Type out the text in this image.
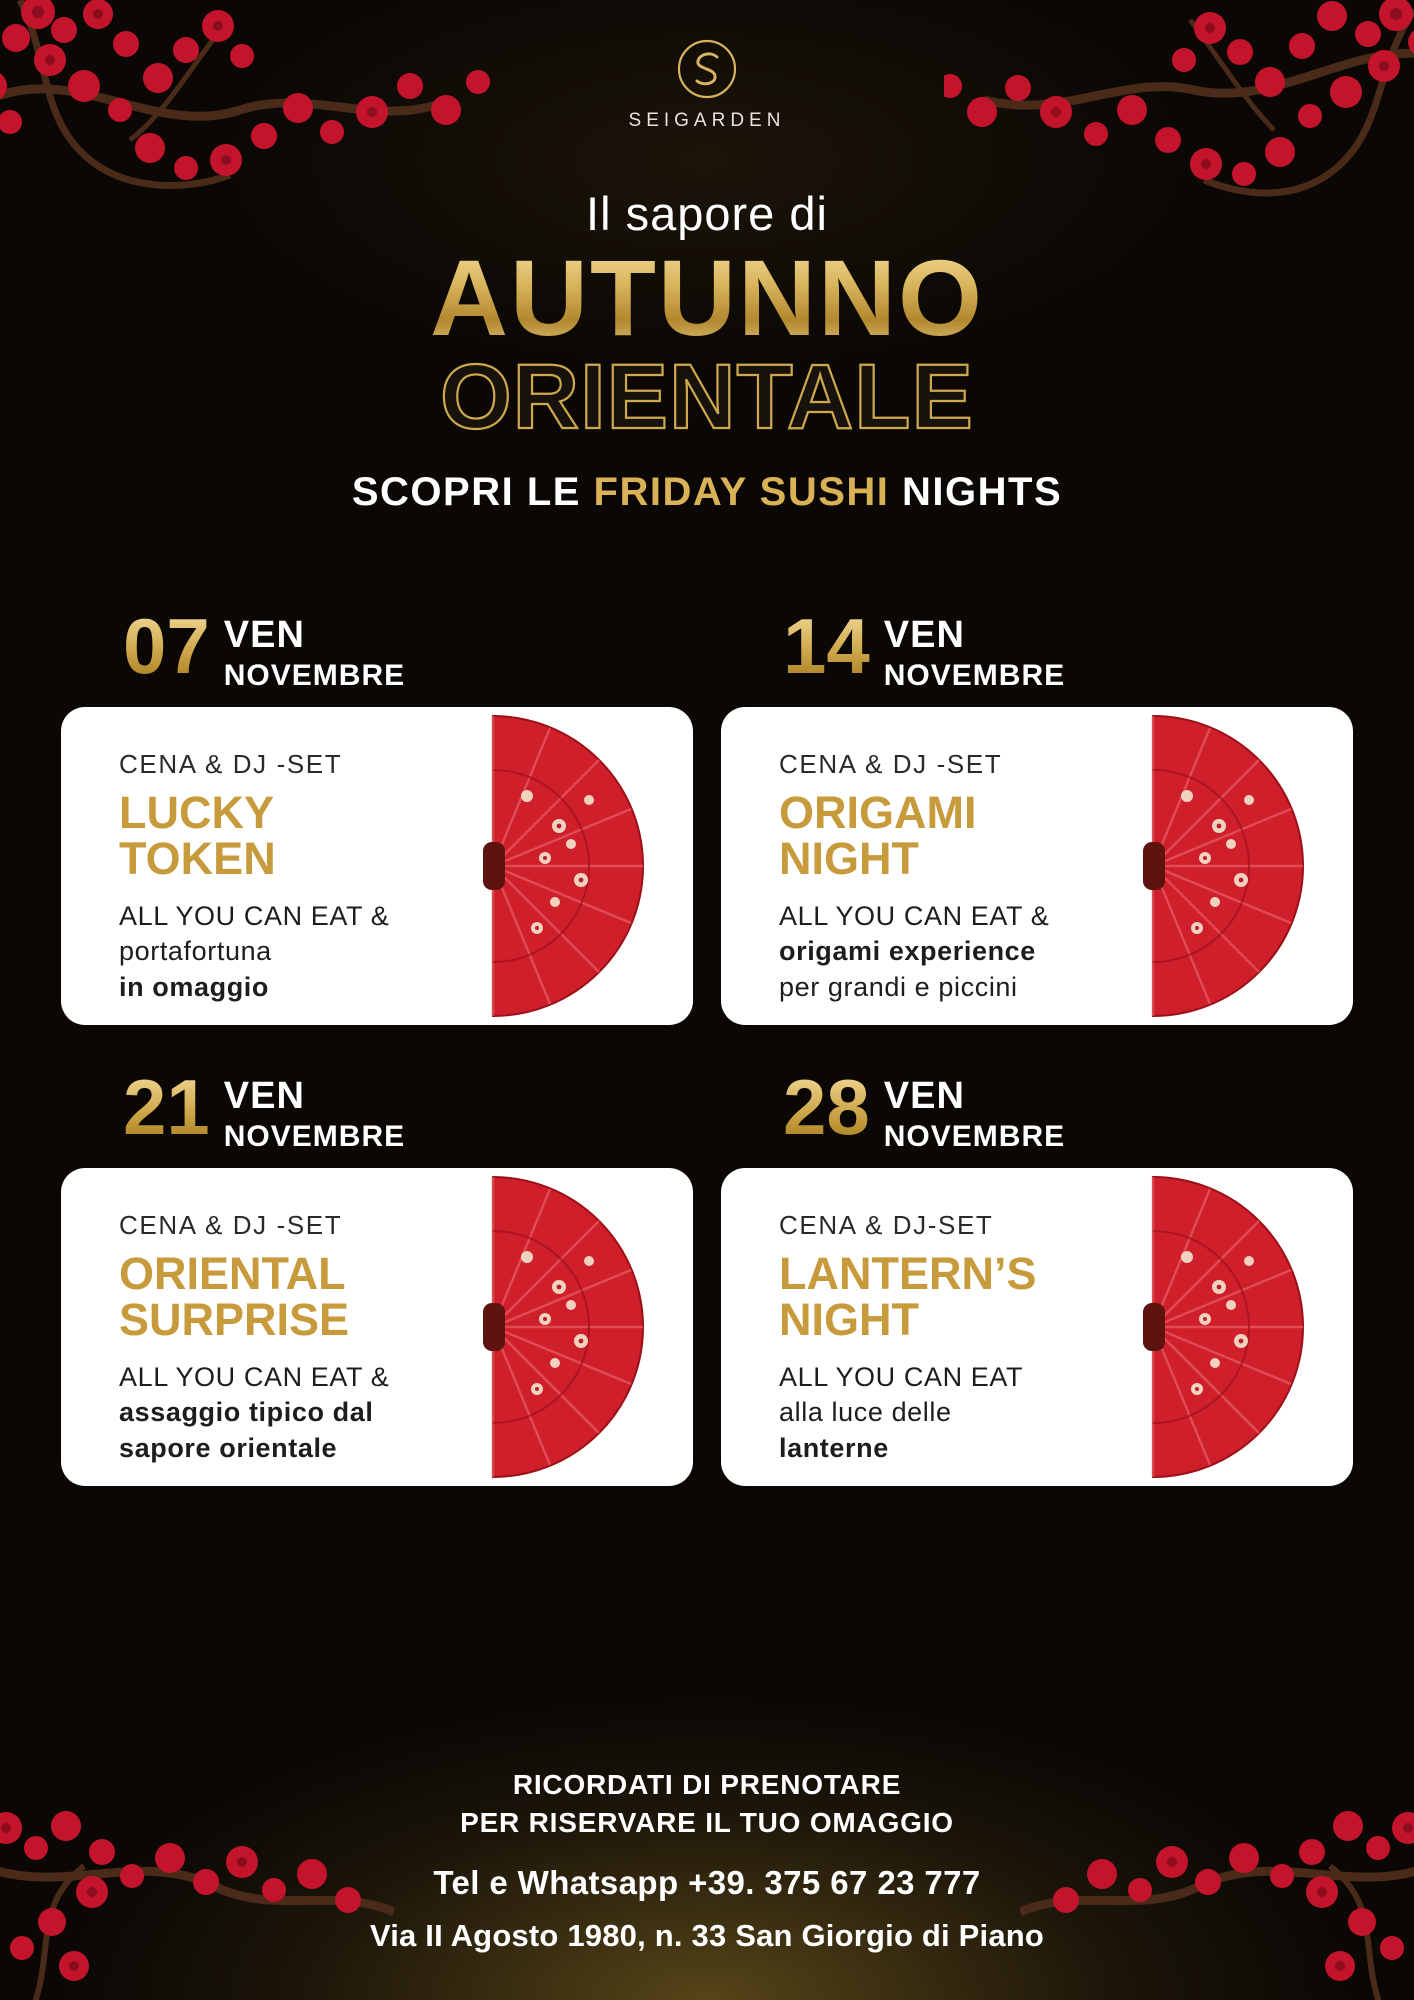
SEIGARDEN
Il sapore di
AUTUNNO
ORIENTALE
SCOPRI LE FRIDAY SUSHI NIGHTS
07 VEN
NOVEMBRE
CENA & DJ -SET
LUCKY
TOKEN
ALL YOU CAN EAT &
portafortuna
in omaggio
14 VEN
NOVEMBRE
CENA & DJ -SET
ORIGAMI
NIGHT
ALL YOU CAN EAT &
origami experience
per grandi e piccini
21 VEN
NOVEMBRE
CENA & DJ -SET
ORIENTAL
SURPRISE
ALL YOU CAN EAT &
assaggio tipico dal
sapore orientale
28 VEN
NOVEMBRE
CENA & DJ-SET
LANTERN’S
NIGHT
ALL YOU CAN EAT
alla luce delle
lanterne
RICORDATI DI PRENOTARE
PER RISERVARE IL TUO OMAGGIO
Tel e Whatsapp +39. 375 67 23 777
Via II Agosto 1980, n. 33 San Giorgio di Piano
